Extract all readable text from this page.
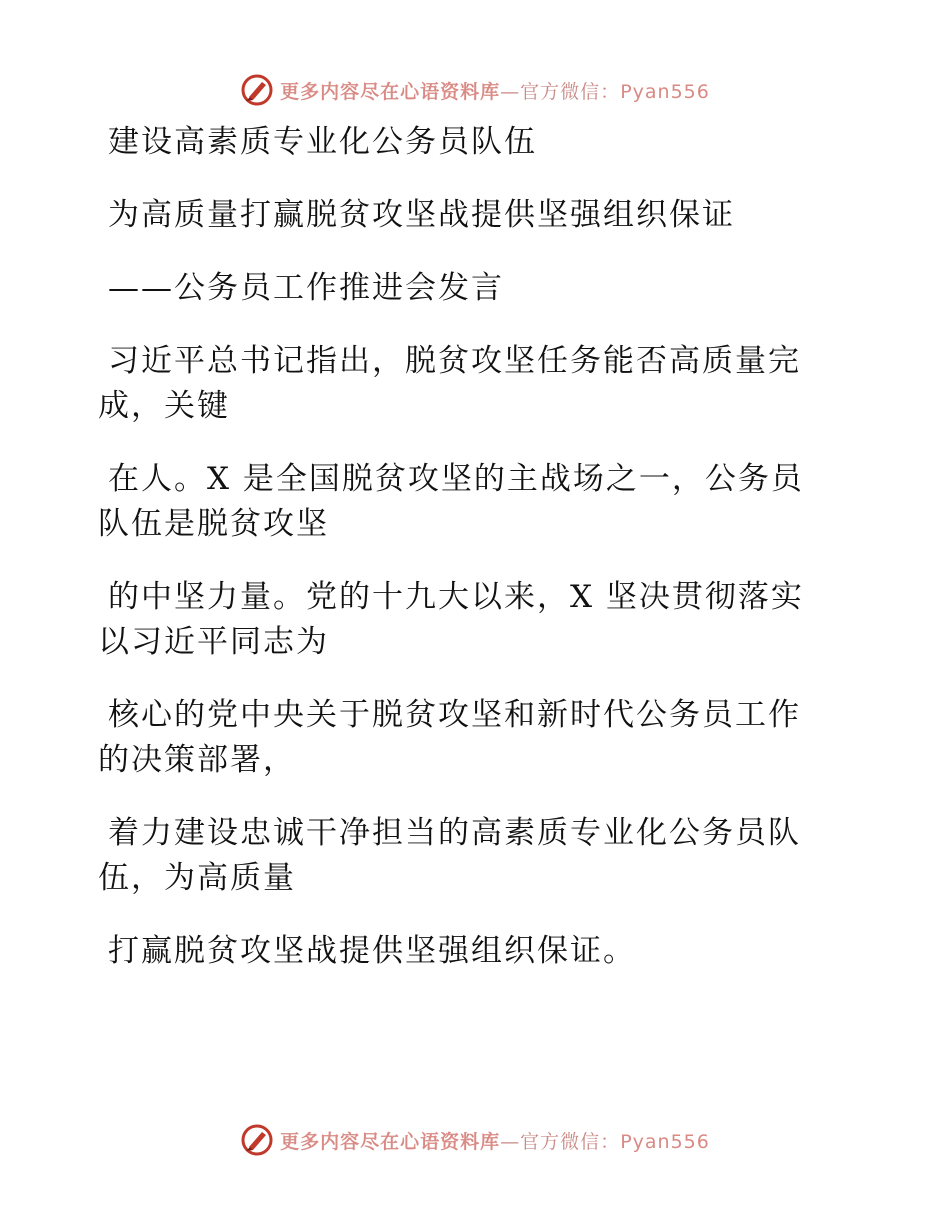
更多内容尽在心语资料库—官方微信：Pyan556

建设高素质专业化公务员队伍

为高质量打赢脱贫攻坚战提供坚强组织保证

——公务员工作推进会发言

习近平总书记指出，脱贫攻坚任务能否高质量完
成，关键

在人。X 是全国脱贫攻坚的主战场之一，公务员
队伍是脱贫攻坚

的中坚力量。党的十九大以来，X 坚决贯彻落实
以习近平同志为

核心的党中央关于脱贫攻坚和新时代公务员工作
的决策部署，

着力建设忠诚干净担当的高素质专业化公务员队
伍，为高质量

打赢脱贫攻坚战提供坚强组织保证。

更多内容尽在心语资料库—官方微信：Pyan556
